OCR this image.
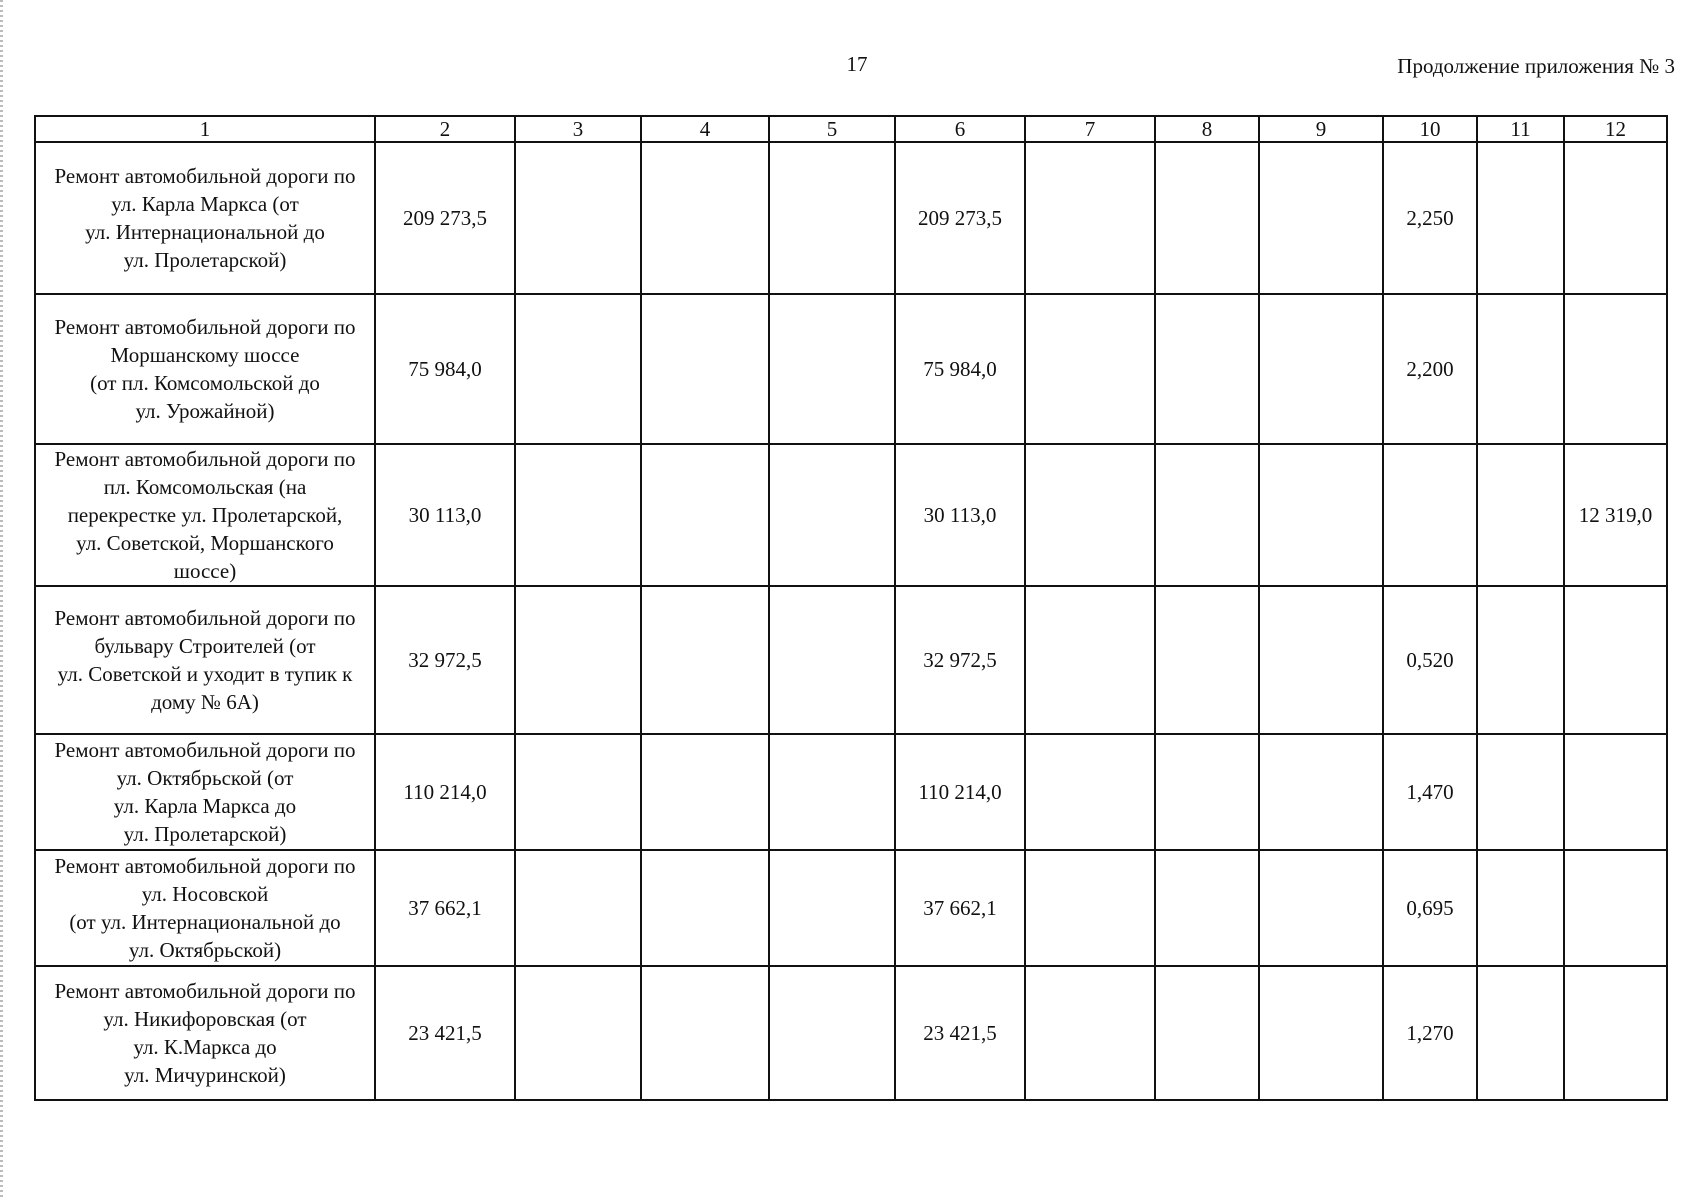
17	Продолжение приложения № 3
1	2	3	4	5	6	7	8	9	10	11	12

Ремонт автомобильной дороги по
ул. Карла Маркса (от
ул. Интернациональной до
ул. Пролетарской)	209 273,5				209 273,5				2,250		

Ремонт автомобильной дороги по
Моршанскому шоссе
(от пл. Комсомольской до
ул. Урожайной)	75 984,0				75 984,0				2,200		

Ремонт автомобильной дороги по
пл. Комсомольская (на
перекрестке ул. Пролетарской,
ул. Советской, Моршанского
шоссе)	30 113,0				30 113,0						12 319,0

Ремонт автомобильной дороги по
бульвару Строителей (от
ул. Советской и уходит в тупик к
дому № 6А)	32 972,5				32 972,5				0,520		

Ремонт автомобильной дороги по
ул. Октябрьской (от
ул. Карла Маркса до
ул. Пролетарской)	110 214,0				110 214,0				1,470		

Ремонт автомобильной дороги по
ул. Носовской
(от ул. Интернациональной до
ул. Октябрьской)	37 662,1				37 662,1				0,695		

Ремонт автомобильной дороги по
ул. Никифоровская (от
ул. К.Маркса до
ул. Мичуринской)	23 421,5				23 421,5				1,270		
